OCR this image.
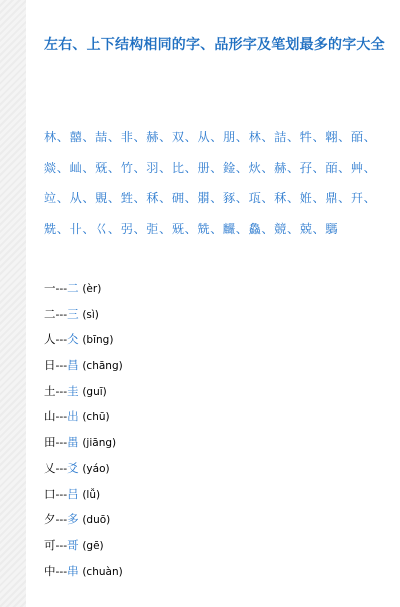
左右、上下结构相同的字、品形字及笔划最多的字大全
林、囍、喆、非、赫、双、从、朋、林、詰、牪、翺、皕、燚、屾、兓、竹、羽、比、册、鍂、炏、赫、孖、皕、艸、竝、从、覞、甡、秝、砽、朤、豩、瓨、秝、姙、鼎、幵、兟、卝、巜、弜、弡、兓、兟、麣、鱻、競、兢、騳
一---二 (èr)
二---三 (sì)
人---仌 (bīng)
日---昌 (chāng)
土---圭 (guī)
山---出 (chū)
田---畕 (jiāng)
乂---爻 (yáo)
口---吕 (lǚ)
夕---多 (duō)
可---哥 (gē)
中---串 (chuàn)
